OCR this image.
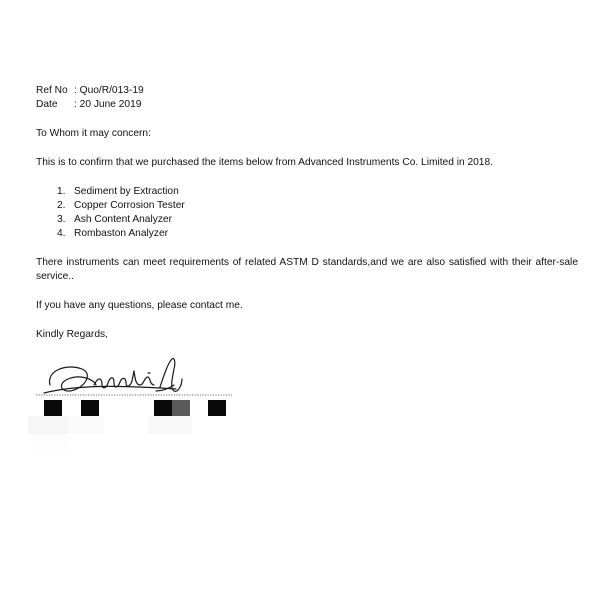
Ref No : Quo/R/013-19
Date : 20 June 2019
To Whom it may concern:
This is to confirm that we purchased the items below from Advanced Instruments Co. Limited in 2018.
1. Sediment by Extraction
2. Copper Corrosion Tester
3. Ash Content Analyzer
4. Rombaston Analyzer
There instruments can meet requirements of related ASTM D standards,and we are also satisfied with their after-sale service..
If you have any questions, please contact me.
Kindly Regards,
